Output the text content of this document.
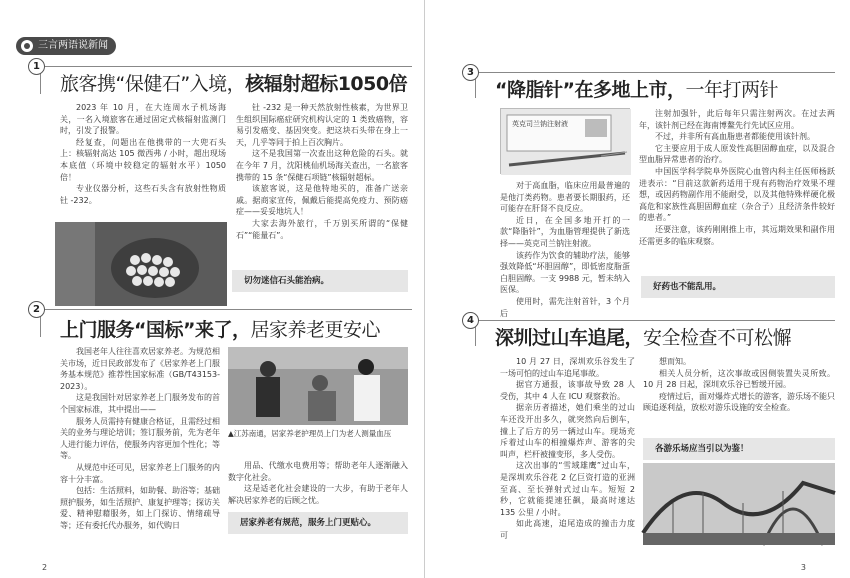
三言两语说新闻
1
旅客携“保健石”入境，核辐射超标1050倍

2023 年 10 月，在大连周水子机场海关，一名入境旅客在通过固定式核辐射监测门时，引发了报警。

经复查，问题出在他携带的一大兜石头上：核辐射高达 105 微西弗 / 小时，超出现场本底值（环境中较稳定的辐射水平）1050 倍！

专业仪器分析，这些石头含有放射性物质钍 -232。

钍 -232 是一种天然放射性核素，为世界卫生组织国际癌症研究机构认定的 1 类致癌物，容易引发癌变、基因突变。把这块石头带在身上一天，几乎等同于拍上百次胸片。

这不是我国第一次查出这种危险的石头。就在今年 7 月，沈阳桃仙机场海关查出，一名旅客携带的 15 条“保健石项链”核辐射超标。

该旅客说，这是他特地买的，准备广送亲戚。据商家宣传，佩戴后能提高免疫力、预防癌症——妥妥地坑人！

大家去海外旅行，千万别买所谓的“保健石”“能量石”。

切勿迷信石头能治病。
2
上门服务“国标”来了，居家养老更安心

我国老年人往往喜欢居家养老。为规范相关市场，近日民政部发布了《居家养老上门服务基本规范》推荐性国家标准（GB/T43153-2023）。

这是我国针对居家养老上门服务发布的首个国家标准，其中提出——

服务人员需持有健康合格证，且需经过相关的业务与理论培训；签订服务前，先为老年人进行能力评估，使服务内容更加个性化；等等。

从规范中还可见，居家养老上门服务的内容十分丰富。

包括：生活照料，如助餐、助浴等；基础照护服务，如生活照护、康复护理等；探访关爱、精神慰藉服务，如上门探访、情绪疏导等；还有委托代办服务，如代购日

▲江苏南通，居家养老护理员上门为老人测量血压

用品、代缴水电费用等；帮助老年人逐渐融入数字化社会。

这是适老化社会建设的一大步，有助于老年人解决居家养老的后顾之忧。

居家养老有规范，服务上门更贴心。
2
3
“降脂针”在多地上市，一年打两针
英克司兰钠注射液

对于高血脂，临床应用最普遍的是他汀类药物。患者要长期服药，还可能存在肝肾不良反应。

近日，在全国多地开打的一款“降脂针”，为血脂管理提供了新选择——英克司兰钠注射液。

该药作为饮食的辅助疗法，能够强效降低“坏胆固醇”，即低密度脂蛋白胆固醇。一支 9988 元，暂未纳入医保。

使用时，需先注射首针，3 个月后

注射加强针，此后每年只需注射两次。在过去两年，该针剂已经在海南博鳌先行先试区应用。

不过，并非所有高血脂患者都能使用该针剂。

它主要应用于成人原发性高胆固醇血症，以及混合型血脂异常患者的治疗。

中国医学科学院阜外医院心血管内科主任医师杨跃进表示：“目前这款新药适用于现有药物治疗效果不理想，或因药物副作用不能耐受，以及其他特殊样硬化极高危和家族性高胆固醇血症（杂合子）且经济条件较好的患者。”

还要注意，该药刚刚推上市，其远期效果和副作用还需更多的临床观察。

好药也不能乱用。
4
深圳过山车追尾，安全检查不可松懈

10 月 27 日，深圳欢乐谷发生了一场可怕的过山车追尾事故。

据官方通报，该事故导致 28 人受伤，其中 4 人在 ICU 观察救治。

据亲历者描述，她们乘坐的过山车还没开出多久，就突然向后倒车，撞上了后方的另一辆过山车。现场充斥着过山车的相撞爆炸声、游客的尖叫声，栏杆被撞变形，多人受伤。

这次出事的“雪域雄鹰”过山车，是深圳欢乐谷花 2 亿巨资打造的亚洲至高、至长弹射式过山车。短短 2 秒，它就能提速狂飙，最高时速达 135 公里 / 小时。

如此高速，追尾造成的撞击力度可

想而知。

相关人员分析，这次事故或因侧装置失灵所致。10 月 28 日起，深圳欢乐谷已暂缓开园。

疫情过后，面对爆炸式增长的游客，游乐场不能只顾追逐利益，放松对游乐设施的安全检查。

各游乐场应当引以为鉴！
3
